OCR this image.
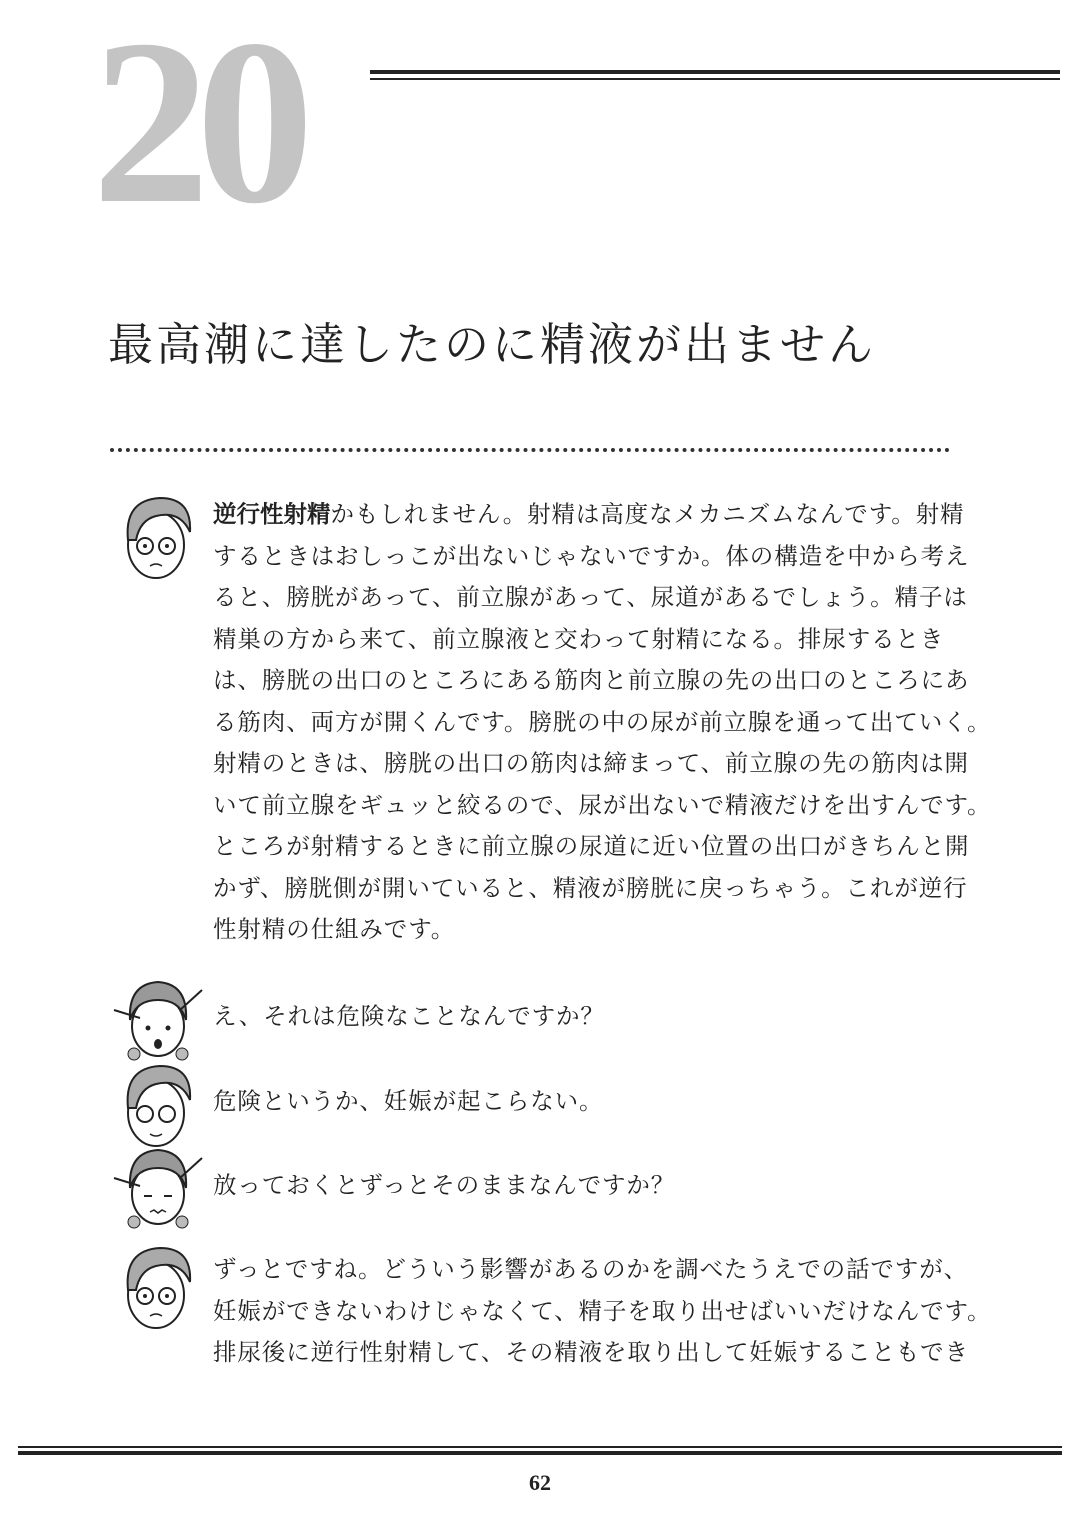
20
最高潮に達したのに精液が出ません
逆行性射精かもしれません。射精は高度なメカニズムなんです。射精
するときはおしっこが出ないじゃないですか。体の構造を中から考え
ると、膀胱があって、前立腺があって、尿道があるでしょう。精子は
精巣の方から来て、前立腺液と交わって射精になる。排尿するとき
は、膀胱の出口のところにある筋肉と前立腺の先の出口のところにあ
る筋肉、両方が開くんです。膀胱の中の尿が前立腺を通って出ていく。
射精のときは、膀胱の出口の筋肉は締まって、前立腺の先の筋肉は開
いて前立腺をギュッと絞るので、尿が出ないで精液だけを出すんです。
ところが射精するときに前立腺の尿道に近い位置の出口がきちんと開
かず、膀胱側が開いていると、精液が膀胱に戻っちゃう。これが逆行
性射精の仕組みです。
え、それは危険なことなんですか？
危険というか、妊娠が起こらない。
放っておくとずっとそのままなんですか？
ずっとですね。どういう影響があるのかを調べたうえでの話ですが、
妊娠ができないわけじゃなくて、精子を取り出せばいいだけなんです。
排尿後に逆行性射精して、その精液を取り出して妊娠することもでき
62
